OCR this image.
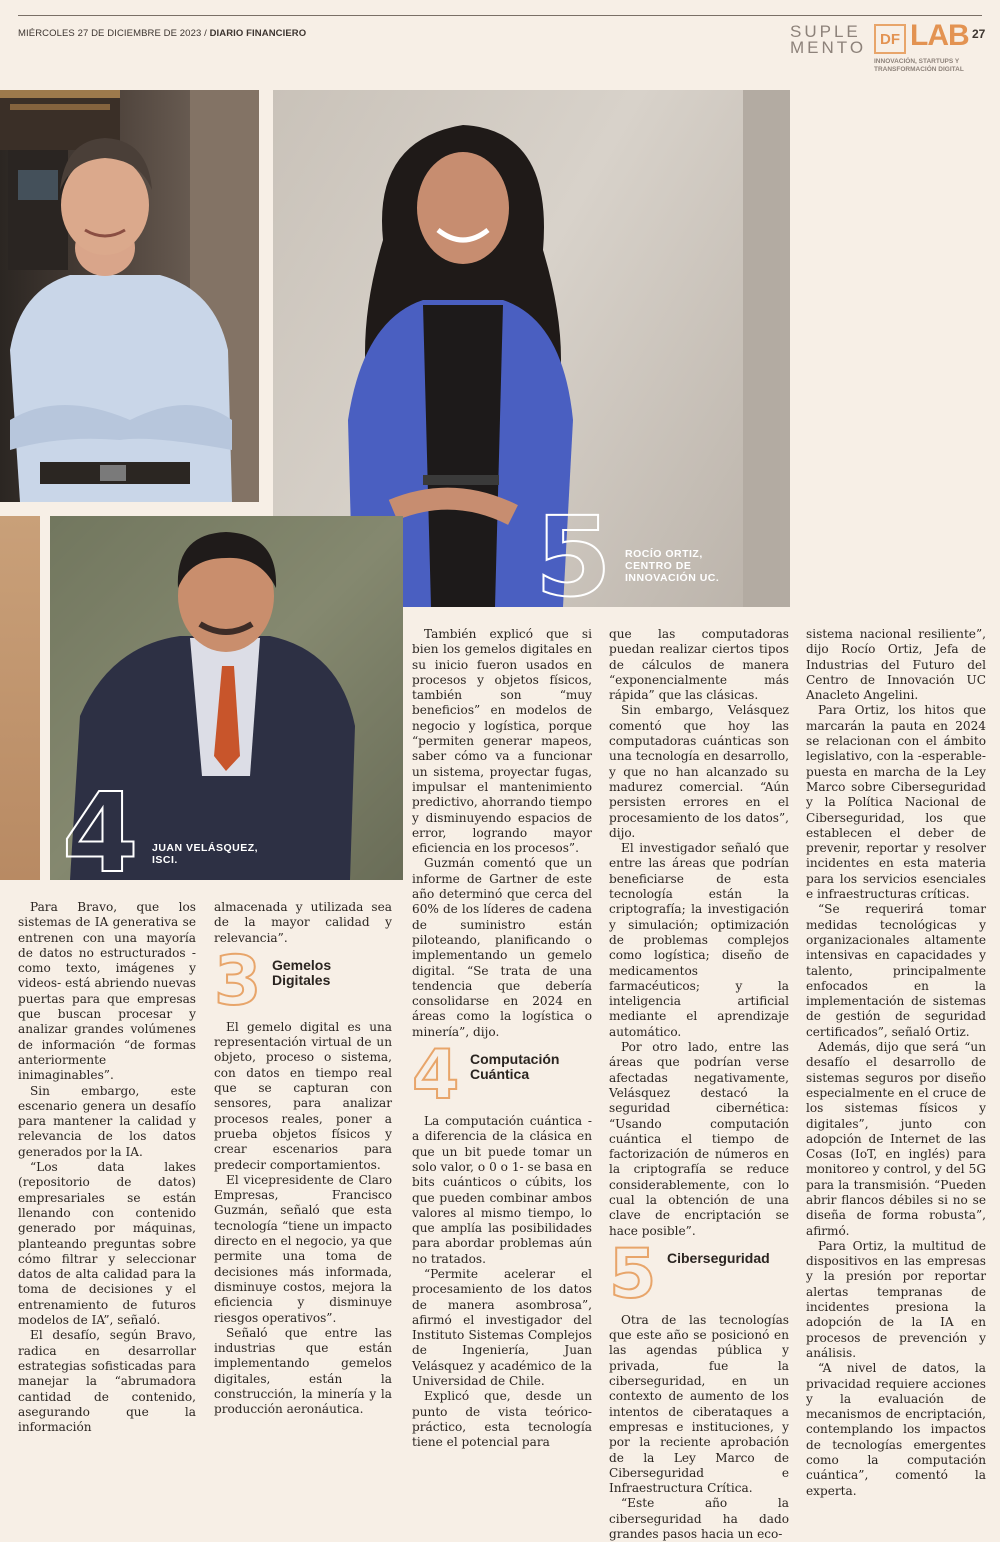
MIÉRCOLES 27 DE DICIEMBRE DE 2023 / DIARIO FINANCIERO	SUPLE
MENTO DF LAB
INNOVACIÓN, STARTUPS Y TRANSFORMACIÓN DIGITAL
27
5 ROCÍO ORTIZ, CENTRO DE INNOVACIÓN UC.
4 JUAN VELÁSQUEZ, ISCI.

Para Bravo, que los sistemas de IA generativa se entrenen con una mayoría de datos no estructurados -como texto, imágenes y videos- está abriendo nuevas puertas para que empresas que buscan procesar y analizar grandes volúmenes de información “de formas anteriormente inimaginables”.

Sin embargo, este escenario genera un desafío para mantener la calidad y relevancia de los datos generados por la IA.

“Los data lakes (repositorio de datos) empresariales se están llenando con contenido generado por máquinas, planteando preguntas sobre cómo filtrar y seleccionar datos de alta calidad para la toma de decisiones y el entrenamiento de futuros modelos de IA”, señaló.

El desafío, según Bravo, radica en desarrollar estrategias sofisticadas para manejar la “abrumadora cantidad de contenido, asegurando que la información

almacenada y utilizada sea de la mayor calidad y relevancia”.

3 Gemelos Digitales

El gemelo digital es una representación virtual de un objeto, proceso o sistema, con datos en tiempo real que se capturan con sensores, para analizar procesos reales, poner a prueba objetos físicos y crear escenarios para predecir comportamientos.

El vicepresidente de Claro Empresas, Francisco Guzmán, señaló que esta tecnología “tiene un impacto directo en el negocio, ya que permite una toma de decisiones más informada, disminuye costos, mejora la eficiencia y disminuye riesgos operativos”.

Señaló que entre las industrias que están implementando gemelos digitales, están la construcción, la minería y la producción aeronáutica.

También explicó que si bien los gemelos digitales en su inicio fueron usados en procesos y objetos físicos, también son “muy beneficios” en modelos de negocio y logística, porque “permiten generar mapeos, saber cómo va a funcionar un sistema, proyectar fugas, impulsar el mantenimiento predictivo, ahorrando tiempo y disminuyendo espacios de error, logrando mayor eficiencia en los procesos”.

Guzmán comentó que un informe de Gartner de este año determinó que cerca del 60% de los líderes de cadena de suministro están piloteando, planificando o implementando un gemelo digital. “Se trata de una tendencia que debería consolidarse en 2024 en áreas como la logística o minería”, dijo.

4 Computación Cuántica

La computación cuántica -a diferencia de la clásica en que un bit puede tomar un solo valor, o 0 o 1- se basa en bits cuánticos o cúbits, los que pueden combinar ambos valores al mismo tiempo, lo que amplía las posibilidades para abordar problemas aún no tratados.

“Permite acelerar el procesamiento de los datos de manera asombrosa”, afirmó el investigador del Instituto Sistemas Complejos de Ingeniería, Juan Velásquez y académico de la Universidad de Chile.

Explicó que, desde un punto de vista teórico-práctico, esta tecnología tiene el potencial para

que las computadoras puedan realizar ciertos tipos de cálculos de manera “exponencialmente más rápida” que las clásicas.

Sin embargo, Velásquez comentó que hoy las computadoras cuánticas son una tecnología en desarrollo, y que no han alcanzado su madurez comercial. “Aún persisten errores en el procesamiento de los datos”, dijo.

El investigador señaló que entre las áreas que podrían beneficiarse de esta tecnología están la criptografía; la investigación y simulación; optimización de problemas complejos como logística; diseño de medicamentos farmacéuticos; y la inteligencia artificial mediante el aprendizaje automático.

Por otro lado, entre las áreas que podrían verse afectadas negativamente, Velásquez destacó la seguridad cibernética: “Usando computación cuántica el tiempo de factorización de números en la criptografía se reduce considerablemente, con lo cual la obtención de una clave de encriptación se hace posible”.

5 Ciberseguridad

Otra de las tecnologías que este año se posicionó en las agendas pública y privada, fue la ciberseguridad, en un contexto de aumento de los intentos de ciberataques a empresas e instituciones, y por la reciente aprobación de la Ley Marco de Ciberseguridad e Infraestructura Crítica.

“Este año la ciberseguridad ha dado grandes pasos hacia un eco-

sistema nacional resiliente”, dijo Rocío Ortiz, Jefa de Industrias del Futuro del Centro de Innovación UC Anacleto Angelini.

Para Ortiz, los hitos que marcarán la pauta en 2024 se relacionan con el ámbito legislativo, con la -esperable- puesta en marcha de la Ley Marco sobre Ciberseguridad y la Política Nacional de Ciberseguridad, los que establecen el deber de prevenir, reportar y resolver incidentes en esta materia para los servicios esenciales e infraestructuras críticas.

“Se requerirá tomar medidas tecnológicas y organizacionales altamente intensivas en capacidades y talento, principalmente enfocados en la implementación de sistemas de gestión de seguridad certificados”, señaló Ortiz.

Además, dijo que será “un desafío el desarrollo de sistemas seguros por diseño especialmente en el cruce de los sistemas físicos y digitales”, junto con adopción de Internet de las Cosas (IoT, en inglés) para monitoreo y control, y del 5G para la transmisión. “Pueden abrir flancos débiles si no se diseña de forma robusta”, afirmó.

Para Ortiz, la multitud de dispositivos en las empresas y la presión por reportar alertas tempranas de incidentes presiona la adopción de la IA en procesos de prevención y análisis.

“A nivel de datos, la privacidad requiere acciones y la evaluación de mecanismos de encriptación, contemplando los impactos de tecnologías emergentes como la computación cuántica”, comentó la experta.
